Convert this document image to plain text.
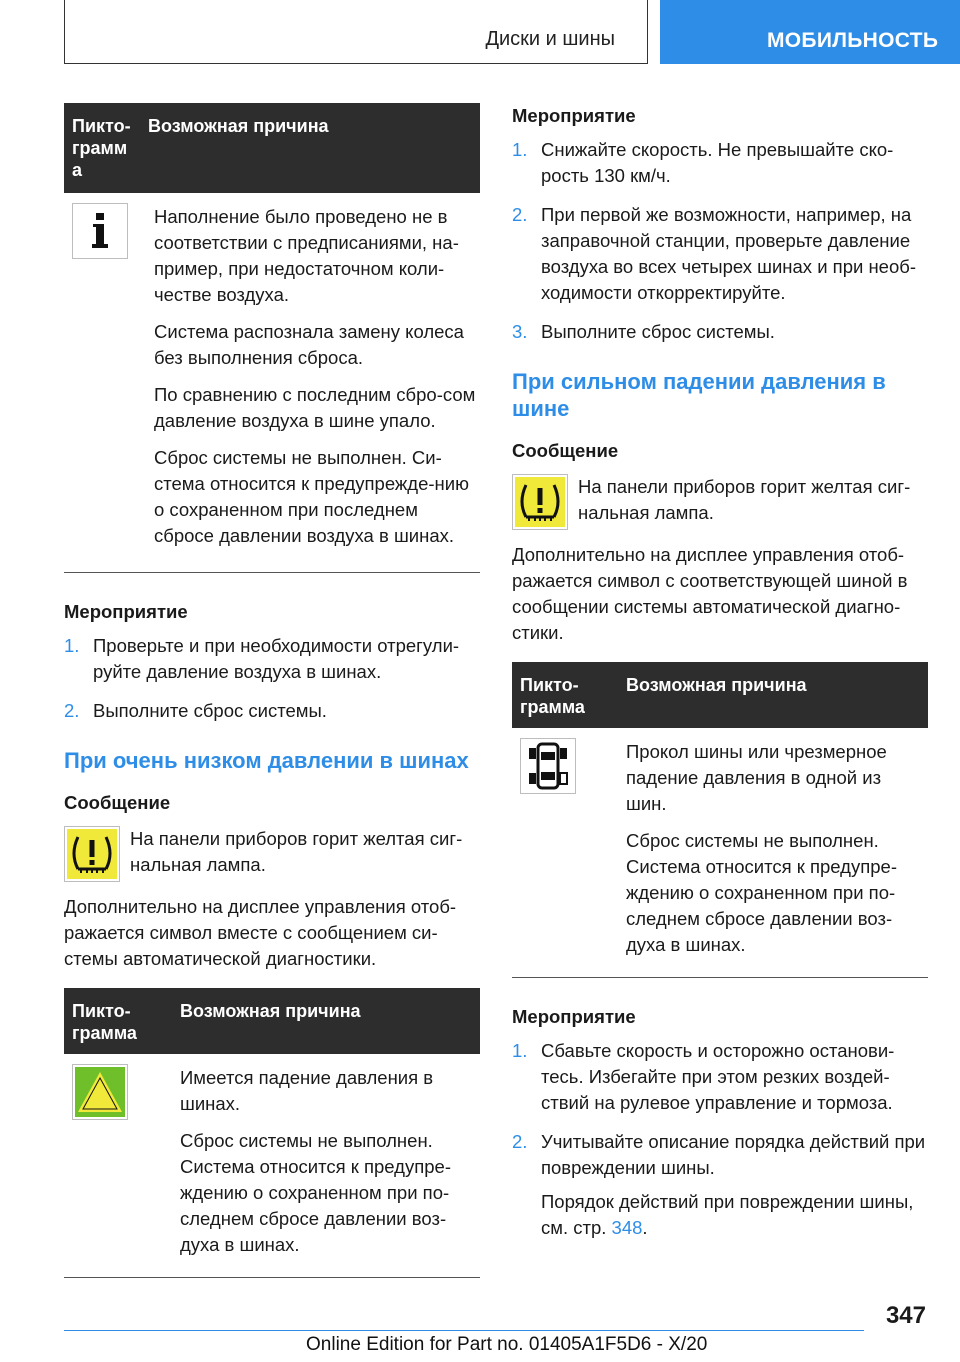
Диски и шины	МОБИЛЬНОСТЬ
Пикто-
грамм
а
Возможная причина

Наполнение было проведено не в соответствии с предписаниями, на-пример, при недостаточном коли-честве воздуха.

Система распознала замену колеса без выполнения сброса.

По сравнению с последним сбро-сом давление воздуха в шине упало.

Сброс системы не выполнен. Си-стема относится к предупрежде-нию о сохраненном при последнем сбросе давлении воздуха в шинах.

Мероприятие
1. Проверьте и при необходимости отрегули-руйте давление воздуха в шинах.
2. Выполните сброс системы.
При очень низком давлении в шинах
Сообщение
На панели приборов горит желтая сиг-нальная лампа.

Дополнительно на дисплее управления отоб-ражается символ вместе с сообщением си-стемы автоматической диагностики.

Пикто-
грамма
Возможная причина

Имеется падение давления в шинах.

Сброс системы не выполнен. Система относится к предупре-ждению о сохраненном при по-следнем сбросе давлении воз-духа в шинах.

Мероприятие
1. Снижайте скорость. Не превышайте ско-рость 130 км/ч.
2. При первой же возможности, например, на заправочной станции, проверьте давление воздуха во всех четырех шинах и при необ-ходимости откорректируйте.
3. Выполните сброс системы.
При сильном падении давления в шине
Сообщение
На панели приборов горит желтая сиг-нальная лампа.

Дополнительно на дисплее управления отоб-ражается символ с соответствующей шиной в сообщении системы автоматической диагно-стики.

Пикто-
грамма
Возможная причина

Прокол шины или чрезмерное падение давления в одной из шин.

Сброс системы не выполнен. Система относится к предупре-ждению о сохраненном при по-следнем сбросе давлении воз-духа в шинах.

Мероприятие
1. Сбавьте скорость и осторожно останови-тесь. Избегайте при этом резких воздей-ствий на рулевое управление и тормоза.
2. Учитывайте описание порядка действий при повреждении шины.
Порядок действий при повреждении шины, см. стр. 348.
347
Online Edition for Part no. 01405A1F5D6 - X/20
